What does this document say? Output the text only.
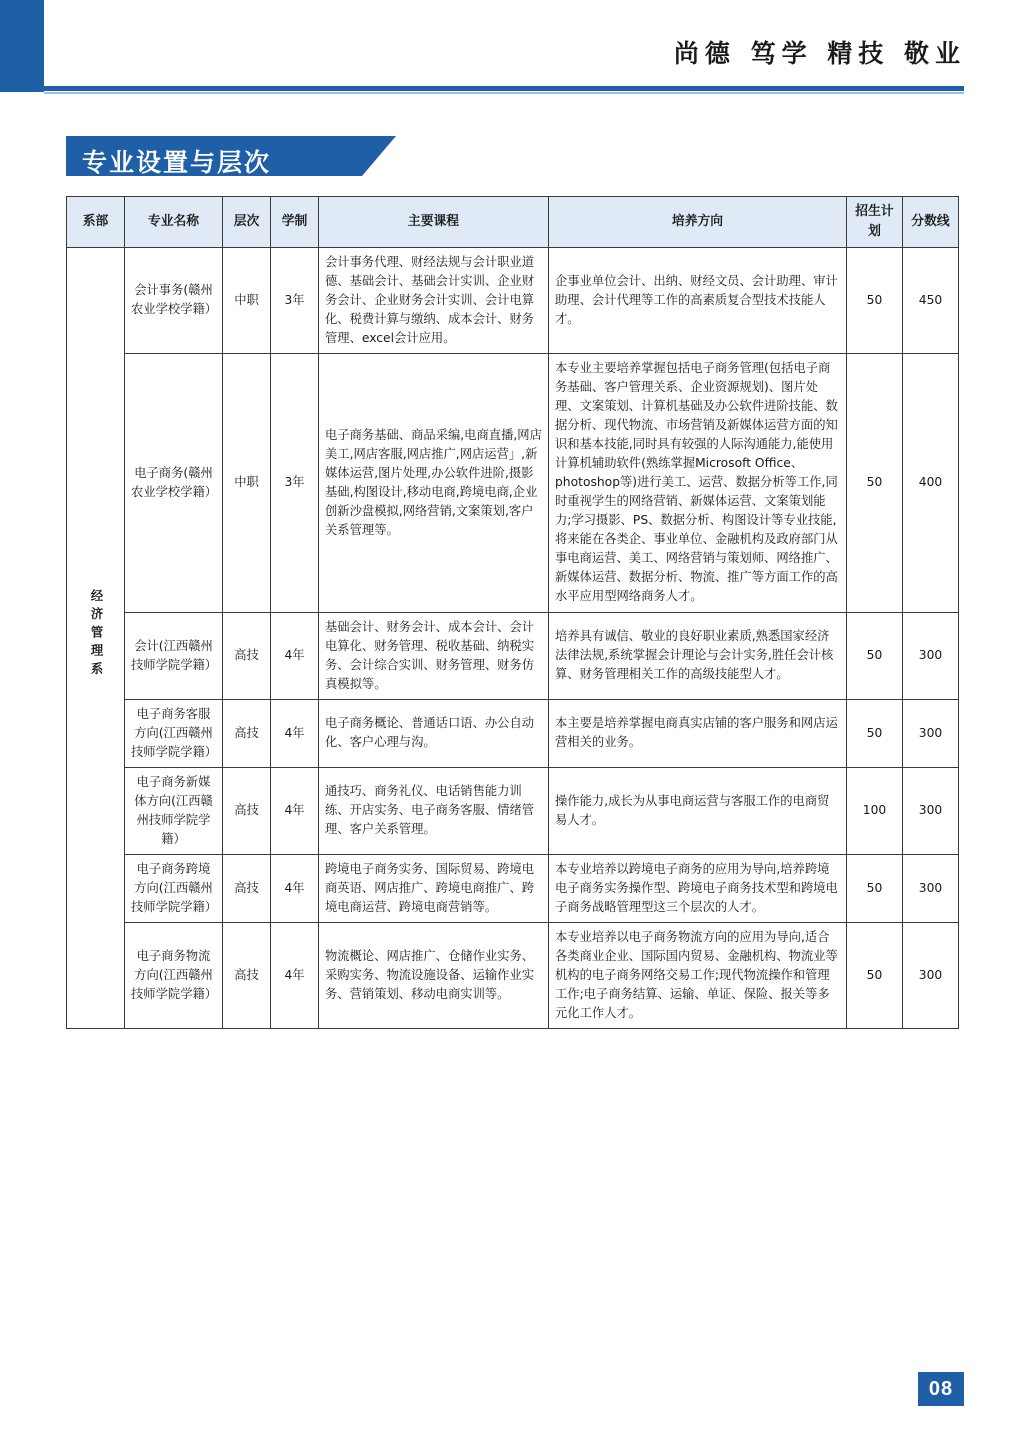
尚德 笃学 精技 敬业
专业设置与层次
系部	专业名称	层次	学制	主要课程	培养方向	招生计划	分数线
经济管理系	会计事务(赣州农业学校学籍）	中职	3年	会计事务代理、财经法规与会计职业道德、基础会计、基础会计实训、企业财务会计、企业财务会计实训、会计电算化、税费计算与缴纳、成本会计、财务管理、excel会计应用。	企事业单位会计、出纳、财经文员、会计助理、审计助理、会计代理等工作的高素质复合型技术技能人才。	50	450
	电子商务(赣州农业学校学籍）	中职	3年	电子商务基础、商品采编,电商直播,网店美工,网店客服,网店推广,网店运营」,新媒体运营,图片处理,办公软件进阶,摄影基础,构图设计,移动电商,跨境电商,企业创新沙盘模拟,网络营销,文案策划,客户关系管理等。	本专业主要培养掌握包括电子商务管理(包括电子商务基础、客户管理关系、企业资源规划)、图片处理、文案策划、计算机基础及办公软件进阶技能、数据分析、现代物流、市场营销及新媒体运营方面的知识和基本技能,同时具有较强的人际沟通能力,能使用计算机辅助软件(熟练掌握Microsoft Office、photoshop等)进行美工、运营、数据分析等工作,同时重视学生的网络营销、新媒体运营、文案策划能力;学习摄影、PS、数据分析、构图设计等专业技能,将来能在各类企、事业单位、金融机构及政府部门从事电商运营、美工、网络营销与策划师、网络推广、新媒体运营、数据分析、物流、推广等方面工作的高水平应用型网络商务人才。	50	400
	会计(江西赣州技师学院学籍）	高技	4年	基础会计、财务会计、成本会计、会计电算化、财务管理、税收基础、纳税实务、会计综合实训、财务管理、财务仿真模拟等。	培养具有诚信、敬业的良好职业素质,熟悉国家经济法律法规,系统掌握会计理论与会计实务,胜任会计核算、财务管理相关工作的高级技能型人才。	50	300
	电子商务客服方向(江西赣州技师学院学籍）	高技	4年	电子商务概论、普通话口语、办公自动化、客户心理与沟。	本主要是培养掌握电商真实店铺的客户服务和网店运营相关的业务。	50	300
	电子商务新媒体方向(江西赣州技师学院学籍）	高技	4年	通技巧、商务礼仪、电话销售能力训练、开店实务、电子商务客服、情绪管理、客户关系管理。	操作能力,成长为从事电商运营与客服工作的电商贸易人才。	100	300
	电子商务跨境方向(江西赣州技师学院学籍）	高技	4年	跨境电子商务实务、国际贸易、跨境电商英语、网店推广、跨境电商推广、跨境电商运营、跨境电商营销等。	本专业培养以跨境电子商务的应用为导向,培养跨境电子商务实务操作型、跨境电子商务技术型和跨境电子商务战略管理型这三个层次的人才。	50	300
	电子商务物流方向(江西赣州技师学院学籍）	高技	4年	物流概论、网店推广、仓储作业实务、采购实务、物流设施设备、运输作业实务、营销策划、移动电商实训等。	本专业培养以电子商务物流方向的应用为导向,适合各类商业企业、国际国内贸易、金融机构、物流业等机构的电子商务网络交易工作;现代物流操作和管理工作;电子商务结算、运输、单证、保险、报关等多元化工作人才。	50	300
08
